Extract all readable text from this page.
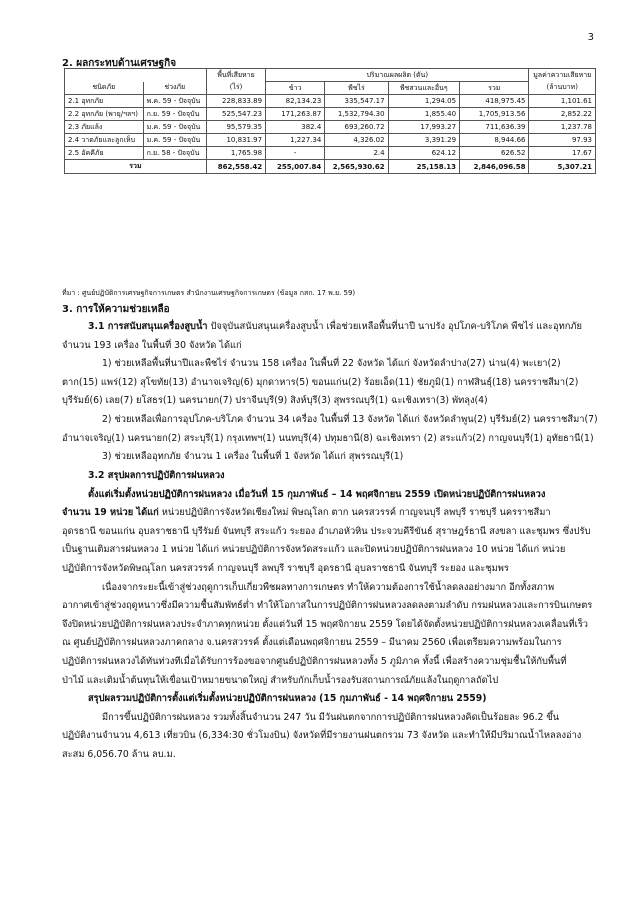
3
2. ผลกระทบด้านเศรษฐกิจ
		พื้นที่เสียหาย	ปริมาณผลผลิต (ตัน)				มูลค่าความเสียหาย
ชนิดภัย	ช่วงภัย	(ไร่)	ข้าว	พืชไร่	พืชสวนและอื่นๆ	รวม	(ล้านบาท)
2.1 อุทกภัย	พ.ค. 59 - ปัจจุบัน	228,833.89	82,134.23	335,547.17	1,294.05	418,975.45	1,101.61
2.2 อุทกภัย (พายุ/ฯลฯ)	ก.ย. 59 - ปัจจุบัน	525,547.23	171,263.87	1,532,794.30	1,855.40	1,705,913.56	2,852.22
2.3 ภัยแล้ง	ม.ค. 59 - ปัจจุบัน	95,579.35	382.4	693,260.72	17,993.27	711,636.39	1,237.78
2.4 วาตภัยและลูกเห็บ	ม.ค. 59 - ปัจจุบัน	10,831.97	1,227.34	4,326.02	3,391.29	8,944.66	97.93
2.5 อัคคีภัย	ก.ย. 58 - ปัจจุบัน	1,765.98	-	2.4	624.12	626.52	17.67
รวม		862,558.42	255,007.84	2,565,930.62	25,158.13	2,846,096.58	5,307.21
ที่มา : ศูนย์ปฏิบัติการเศรษฐกิจการเกษตร สำนักงานเศรษฐกิจการเกษตร (ข้อมูล กสก. 17 พ.ย. 59)
3. การให้ความช่วยเหลือ

3.1 การสนับสนุนเครื่องสูบน้ำ ปัจจุบันสนับสนุนเครื่องสูบน้ำ เพื่อช่วยเหลือพื้นที่นาปี นาปรัง อุปโภค-บริโภค พืชไร่ และอุทกภัย

จำนวน 193 เครื่อง ในพื้นที่ 30 จังหวัด ได้แก่

1) ช่วยเหลือพื้นที่นาปีและพืชไร่ จำนวน 158 เครื่อง ในพื้นที่ 22 จังหวัด ได้แก่ จังหวัดลำปาง(27) น่าน(4) พะเยา(2)

ตาก(15) แพร่(12) สุโขทัย(13) อำนาจเจริญ(6) มุกดาหาร(5) ขอนแก่น(2) ร้อยเอ็ด(11) ชัยภูมิ(1) กาฬสินธุ์(18) นครราชสีมา(2)

บุรีรัมย์(6) เลย(7) ยโสธร(1) นครนายก(7) ปราจีนบุรี(9) สิงห์บุรี(3) สุพรรณบุรี(1) ฉะเชิงเทรา(3) พัทลุง(4)

2) ช่วยเหลือเพื่อการอุปโภค-บริโภค จำนวน 34 เครื่อง ในพื้นที่ 13 จังหวัด ได้แก่ จังหวัดลำพูน(2) บุรีรัมย์(2) นครราชสีมา(7)

อำนาจเจริญ(1) นครนายก(2) สระบุรี(1) กรุงเทพฯ(1) นนทบุรี(4) ปทุมธานี(8) ฉะเชิงเทรา (2) สระแก้ว(2) กาญจนบุรี(1) อุทัยธานี(1)

3) ช่วยเหลืออุทกภัย จำนวน 1 เครื่อง ในพื้นที่ 1 จังหวัด ได้แก่ สุพรรณบุรี(1)

3.2 สรุปผลการปฏิบัติการฝนหลวง

ตั้งแต่เริ่มตั้งหน่วยปฏิบัติการฝนหลวง เมื่อวันที่ 15 กุมภาพันธ์ – 14 พฤศจิกายน 2559 เปิดหน่วยปฏิบัติการฝนหลวง

จำนวน 19 หน่วย ได้แก่ หน่วยปฏิบัติการจังหวัดเชียงใหม่ พิษณุโลก ตาก นครสวรรค์ กาญจนบุรี ลพบุรี ราชบุรี นครราชสีมา

อุดรธานี ขอนแก่น อุบลราชธานี บุรีรัมย์ จันทบุรี สระแก้ว ระยอง อำเภอหัวหิน ประจวบคีรีขันธ์ สุราษฎร์ธานี สงขลา และชุมพร ซึ่งปรับ

เป็นฐานเติมสารฝนหลวง 1 หน่วย ได้แก่ หน่วยปฏิบัติการจังหวัดสระแก้ว และปิดหน่วยปฏิบัติการฝนหลวง 10 หน่วย ได้แก่ หน่วย

ปฏิบัติการจังหวัดพิษณุโลก นครสวรรค์ กาญจนบุรี ลพบุรี ราชบุรี อุดรธานี อุบลราชธานี จันทบุรี ระยอง และชุมพร

เนื่องจากระยะนี้เข้าสู่ช่วงฤดูการเก็บเกี่ยวพืชผลทางการเกษตร ทำให้ความต้องการใช้น้ำลดลงอย่างมาก อีกทั้งสภาพ

อากาศเข้าสู่ช่วงฤดูหนาวซึ่งมีความชื้นสัมพัทธ์ต่ำ ทำให้โอกาสในการปฏิบัติการฝนหลวงลดลงตามลำดับ กรมฝนหลวงและการบินเกษตร

จึงปิดหน่วยปฏิบัติการฝนหลวงประจำภาคทุกหน่วย ตั้งแต่วันที่ 15 พฤศจิกายน 2559 โดยได้จัดตั้งหน่วยปฏิบัติการฝนหลวงเคลื่อนที่เร็ว

ณ ศูนย์ปฏิบัติการฝนหลวงภาคกลาง จ.นครสวรรค์ ตั้งแต่เดือนพฤศจิกายน 2559 – มีนาคม 2560 เพื่อเตรียมความพร้อมในการ

ปฏิบัติการฝนหลวงได้ทันท่วงทีเมื่อได้รับการร้องขอจากศูนย์ปฏิบัติการฝนหลวงทั้ง 5 ภูมิภาค ทั้งนี้ เพื่อสร้างความชุ่มชื้นให้กับพื้นที่

ป่าไม้ และเติมน้ำต้นทุนให้เขื่อนเป้าหมายขนาดใหญ่ สำหรับกักเก็บน้ำรองรับสถานการณ์ภัยแล้งในฤดูกาลถัดไป

สรุปผลรวมปฏิบัติการตั้งแต่เริ่มตั้งหน่วยปฏิบัติการฝนหลวง (15 กุมภาพันธ์ - 14 พฤศจิกายน 2559)

มีการขึ้นปฏิบัติการฝนหลวง รวมทั้งสิ้นจำนวน 247 วัน มีวันฝนตกจากการปฏิบัติการฝนหลวงคิดเป็นร้อยละ 96.2 ขึ้น

ปฏิบัติงานจำนวน 4,613 เที่ยวบิน (6,334:30 ชั่วโมงบิน) จังหวัดที่มีรายงานฝนตกรวม 73 จังหวัด และทำให้มีปริมาณน้ำไหลลงอ่าง

สะสม 6,056.70 ล้าน ลบ.ม.
